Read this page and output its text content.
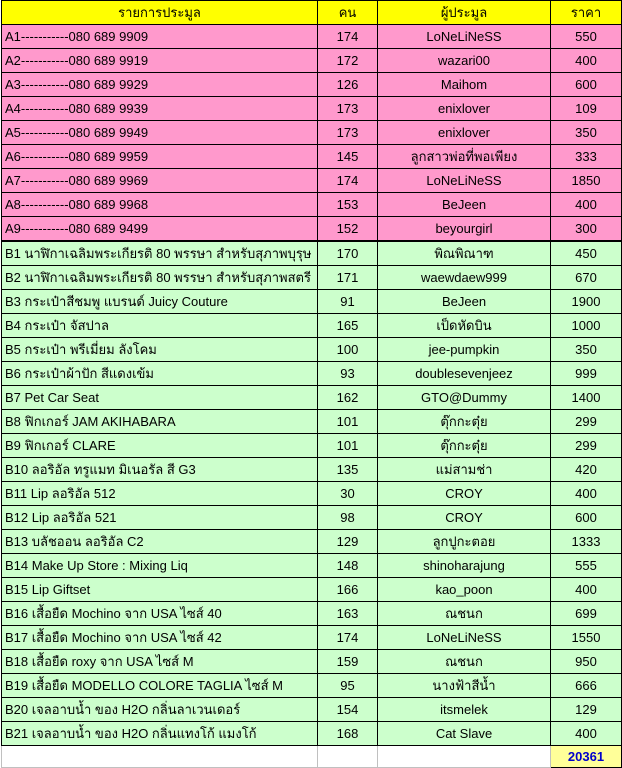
รายการประมูล	คน	ผู้ประมูล	ราคา
A1-----------080 689 9909	174	LoNeLiNeSS	550
A2-----------080 689 9919	172	wazari00	400
A3-----------080 689 9929	126	Maihom	600
A4-----------080 689 9939	173	enixlover	109
A5-----------080 689 9949	173	enixlover	350
A6-----------080 689 9959	145	ลูกสาวพ่อที่พอเพียง	333
A7-----------080 689 9969	174	LoNeLiNeSS	1850
A8-----------080 689 9968	153	BeJeen	400
A9-----------080 689 9499	152	beyourgirl	300
B1 นาฬิกาเฉลิมพระเกียรติ 80 พรรษา สำหรับสุภาพบุรุษ	170	พิณพิณาฑ	450
B2 นาฬิกาเฉลิมพระเกียรติ 80 พรรษา สำหรับสุภาพสตรี	171	waewdaew999	670
B3 กระเป๋าสีชมพู แบรนด์ Juicy Couture	91	BeJeen	1900
B4 กระเป๋า จัสปาล	165	เป็ดหัดบิน	1000
B5 กระเป๋า พรีเมี่ยม ลังโคม	100	jee-pumpkin	350
B6 กระเป๋าผ้าปัก สีแดงเข้ม	93	doublesevenjeez	999
B7 Pet Car Seat	162	GTO@Dummy	1400
B8 ฟิกเกอร์ JAM AKIHABARA	101	ตุ๊กกะตุ๋ย	299
B9 ฟิกเกอร์ CLARE	101	ตุ๊กกะตุ๋ย	299
B10 ลอริอัล ทรูแมท มิเนอรัล สี G3	135	แม่สามช่า	420
B11 Lip ลอริอัล 512	30	CROY	400
B12 Lip ลอริอัล 521	98	CROY	600
B13 บลัชออน ลอริอัล C2	129	ลูกปูกะตอย	1333
B14 Make Up Store : Mixing Liq	148	shinoharajung	555
B15 Lip Giftset	166	kao_poon	400
B16 เสื้อยืด Mochino จาก USA ไซส์ 40	163	ณชนก	699
B17 เสื้อยืด Mochino จาก USA ไซส์ 42	174	LoNeLiNeSS	1550
B18 เสื้อยืด roxy จาก USA ไซส์ M	159	ณชนก	950
B19 เสื้อยืด MODELLO COLORE TAGLIA ไซส์ M	95	นางฟ้าสีน้ำ	666
B20 เจลอาบน้ำ ของ H2O กลิ่นลาเวนเดอร์	154	itsmelek	129
B21 เจลอาบน้ำ ของ H2O กลิ่นแทงโก้ แมงโก้	168	Cat Slave	400
			20361
